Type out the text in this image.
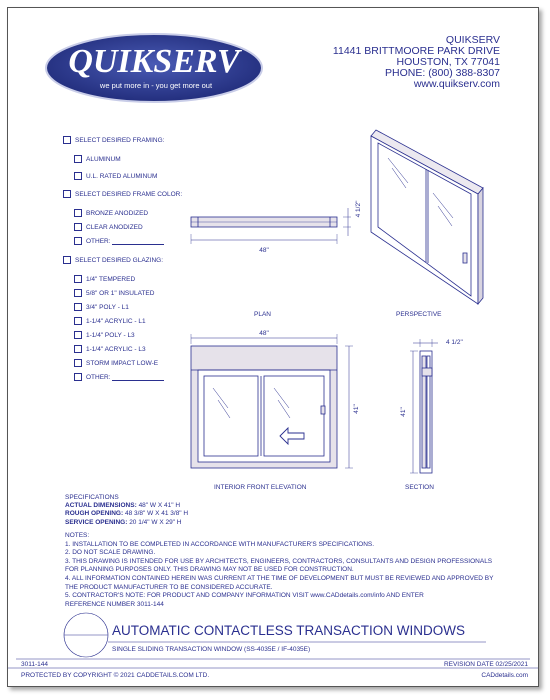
QUIKSERV
we put more in - you get more out
QUIKSERV
11441 BRITTMOORE PARK DRIVE
HOUSTON, TX 77041
PHONE: (800) 388-8307
www.quikserv.com
SELECT DESIRED FRAMING:
ALUMINUM
U.L. RATED ALUMINUM
SELECT DESIRED FRAME COLOR:
BRONZE ANODIZED
CLEAR ANODIZED
OTHER:
SELECT DESIRED GLAZING:
1/4" TEMPERED
5/8" OR 1" INSULATED
3/4" POLY - L1
1-1/4" ACRYLIC - L1
1-1/4" POLY - L3
1-1/4" ACRYLIC - L3
STORM IMPACT LOW-E
OTHER:
48"
4 1/2"
48"
41"
4 1/2"
41"
PLAN	PERSPECTIVE
INTERIOR FRONT ELEVATION	SECTION
SPECIFICATIONS
ACTUAL DIMENSIONS: 48" W X 41" H
ROUGH OPENING: 48 3/8" W X 41 3/8" H
SERVICE OPENING: 20 1/4" W X 29" H
NOTES:
1. INSTALLATION TO BE COMPLETED IN ACCORDANCE WITH MANUFACTURER'S SPECIFICATIONS.
2. DO NOT SCALE DRAWING.
3. THIS DRAWING IS INTENDED FOR USE BY ARCHITECTS, ENGINEERS, CONTRACTORS, CONSULTANTS AND DESIGN PROFESSIONALS
FOR PLANNING PURPOSES ONLY. THIS DRAWING MAY NOT BE USED FOR CONSTRUCTION.
4. ALL INFORMATION CONTAINED HEREIN WAS CURRENT AT THE TIME OF DEVELOPMENT BUT MUST BE REVIEWED AND APPROVED BY
THE PRODUCT MANUFACTURER TO BE CONSIDERED ACCURATE.
5. CONTRACTOR'S NOTE: FOR PRODUCT AND COMPANY INFORMATION VISIT www.CADdetails.com/info AND ENTER
REFERENCE NUMBER 3011-144
AUTOMATIC CONTACTLESS TRANSACTION WINDOWS
SINGLE SLIDING TRANSACTION WINDOW (SS-4035E / IF-4035E)
3011-144	REVISION DATE 02/25/2021
PROTECTED BY COPYRIGHT © 2021 CADDETAILS.COM LTD.	CADdetails.com
